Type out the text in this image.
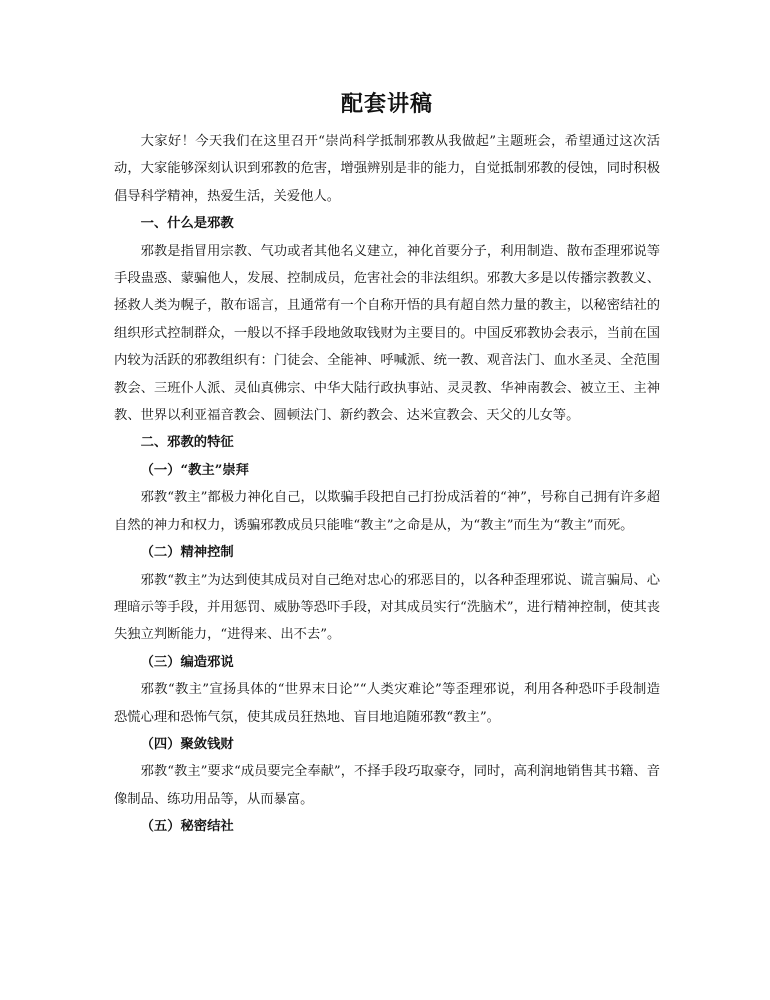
配套讲稿

大家好！今天我们在这里召开“崇尚科学抵制邪教从我做起”主题班会，希望通过这次活动，大家能够深刻认识到邪教的危害，增强辨别是非的能力，自觉抵制邪教的侵蚀，同时积极倡导科学精神，热爱生活，关爱他人。

一、什么是邪教

邪教是指冒用宗教、气功或者其他名义建立，神化首要分子，利用制造、散布歪理邪说等手段蛊惑、蒙骗他人，发展、控制成员，危害社会的非法组织。邪教大多是以传播宗教教义、拯救人类为幌子，散布谣言，且通常有一个自称开悟的具有超自然力量的教主，以秘密结社的组织形式控制群众，一般以不择手段地敛取钱财为主要目的。中国反邪教协会表示，当前在国内较为活跃的邪教组织有：门徒会、全能神、呼喊派、统一教、观音法门、血水圣灵、全范围教会、三班仆人派、灵仙真佛宗、中华大陆行政执事站、灵灵教、华神南教会、被立王、主神教、世界以利亚福音教会、圆顿法门、新约教会、达米宣教会、天父的儿女等。

二、邪教的特征

（一）“教主”崇拜

邪教“教主”都极力神化自己，以欺骗手段把自己打扮成活着的“神”，号称自己拥有许多超自然的神力和权力，诱骗邪教成员只能唯“教主”之命是从，为“教主”而生为“教主”而死。

（二）精神控制

邪教“教主”为达到使其成员对自己绝对忠心的邪恶目的，以各种歪理邪说、谎言骗局、心理暗示等手段，并用惩罚、威胁等恐吓手段，对其成员实行“洗脑术”，进行精神控制，使其丧失独立判断能力，“进得来、出不去”。

（三）编造邪说

邪教“教主”宣扬具体的“世界末日论”“人类灾难论”等歪理邪说，利用各种恐吓手段制造恐慌心理和恐怖气氛，使其成员狂热地、盲目地追随邪教“教主”。

（四）聚敛钱财

邪教“教主”要求“成员要完全奉献”，不择手段巧取豪夺，同时，高利润地销售其书籍、音像制品、练功用品等，从而暴富。

（五）秘密结社
